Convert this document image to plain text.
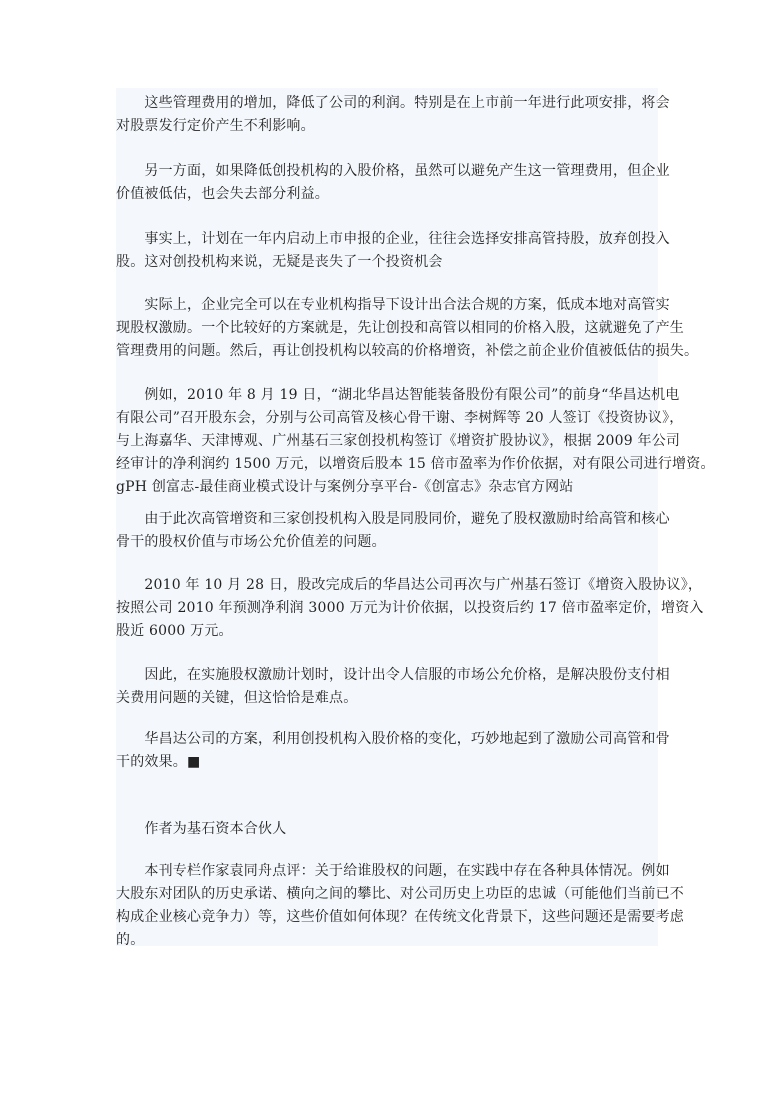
　　这些管理费用的增加，降低了公司的利润。特别是在上市前一年进行此项安排，将会
对股票发行定价产生不利影响。
　　另一方面，如果降低创投机构的入股价格，虽然可以避免产生这一管理费用，但企业
价值被低估，也会失去部分利益。
　　事实上，计划在一年内启动上市申报的企业，往往会选择安排高管持股，放弃创投入
股。这对创投机构来说，无疑是丧失了一个投资机会
　　实际上，企业完全可以在专业机构指导下设计出合法合规的方案，低成本地对高管实
现股权激励。一个比较好的方案就是，先让创投和高管以相同的价格入股，这就避免了产生
管理费用的问题。然后，再让创投机构以较高的价格增资，补偿之前企业价值被低估的损失。
　　例如，2010 年 8 月 19 日，“湖北华昌达智能装备股份有限公司”的前身“华昌达机电
有限公司”召开股东会，分别与公司高管及核心骨干谢、李树辉等 20 人签订《投资协议》，
与上海嘉华、天津博观、广州基石三家创投机构签订《增资扩股协议》，根据 2009 年公司
经审计的净利润约 1500 万元，以增资后股本 15 倍市盈率为作价依据，对有限公司进行增资。
gPH 创富志-最佳商业模式设计与案例分享平台-《创富志》杂志官方网站
　　由于此次高管增资和三家创投机构入股是同股同价，避免了股权激励时给高管和核心
骨干的股权价值与市场公允价值差的问题。
　　2010 年 10 月 28 日，股改完成后的华昌达公司再次与广州基石签订《增资入股协议》，
按照公司 2010 年预测净利润 3000 万元为计价依据，以投资后约 17 倍市盈率定价，增资入
股近 6000 万元。
　　因此，在实施股权激励计划时，设计出令人信服的市场公允价格，是解决股份支付相
关费用问题的关键，但这恰恰是难点。
　　华昌达公司的方案，利用创投机构入股价格的变化，巧妙地起到了激励公司高管和骨
干的效果。■
　　作者为基石资本合伙人
　　本刊专栏作家袁同舟点评：关于给谁股权的问题，在实践中存在各种具体情况。例如
大股东对团队的历史承诺、横向之间的攀比、对公司历史上功臣的忠诚（可能他们当前已不
构成企业核心竞争力）等，这些价值如何体现？在传统文化背景下，这些问题还是需要考虑
的。
